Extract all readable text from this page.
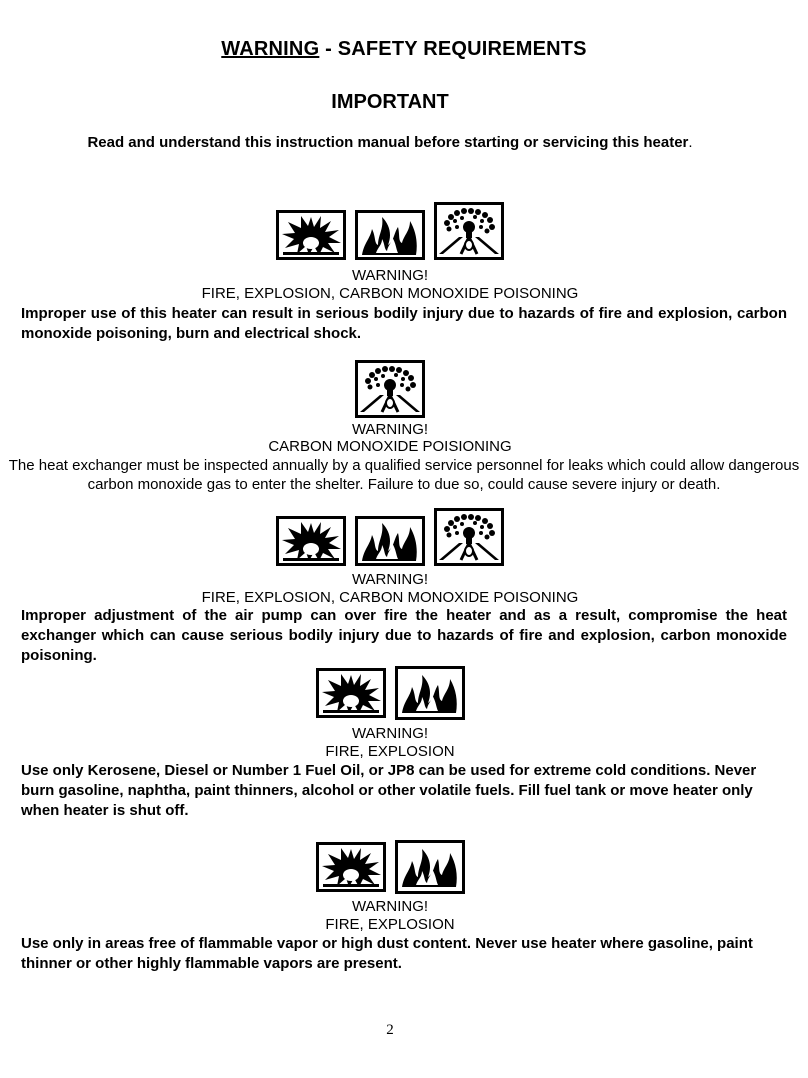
WARNING - SAFETY REQUIREMENTS
IMPORTANT
Read and understand this instruction manual before starting or servicing this heater.
WARNING!
FIRE, EXPLOSION, CARBON MONOXIDE POISONING
Improper use of this heater can result in serious bodily injury due to hazards of fire and explosion, carbon monoxide poisoning, burn and electrical shock.
WARNING!
CARBON MONOXIDE POISIONING
The heat exchanger must be inspected annually by a qualified service personnel for leaks which could allow dangerous carbon monoxide gas to enter the shelter. Failure to due so, could cause severe injury or death.
WARNING!
FIRE, EXPLOSION, CARBON MONOXIDE POISONING
Improper adjustment of the air pump can over fire the heater and as a result, compromise the heat exchanger which can cause serious bodily injury due to hazards of fire and explosion, carbon monoxide poisoning.
WARNING!
FIRE, EXPLOSION
Use only Kerosene, Diesel or Number 1 Fuel Oil, or JP8 can be used for extreme cold conditions. Never burn gasoline, naphtha, paint thinners, alcohol or other volatile fuels. Fill fuel tank or move heater only when heater is shut off.
WARNING!
FIRE, EXPLOSION
Use only in areas free of flammable vapor or high dust content. Never use heater where gasoline, paint thinner or other highly flammable vapors are present.
2
